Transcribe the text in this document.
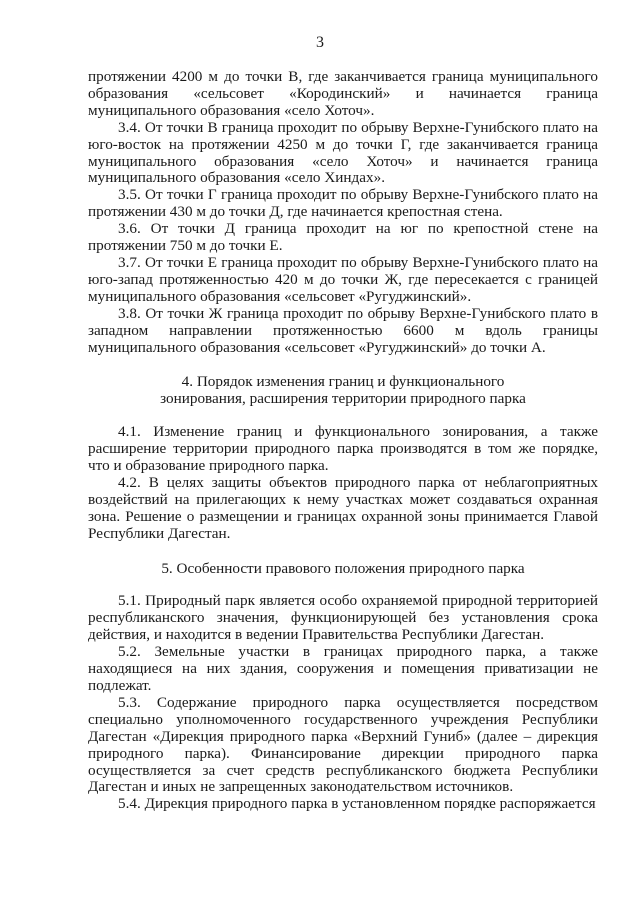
3

протяжении 4200 м до точки В, где заканчивается граница муниципального образования «сельсовет «Кородинский» и начинается граница муниципального образования «село Хоточ».

3.4. От точки В граница проходит по обрыву Верхне-Гунибского плато на юго-восток на протяжении 4250 м до точки Г, где заканчивается граница муниципального образования «село Хоточ» и начинается граница муниципального образования «село Хиндах».

3.5. От точки Г граница проходит по обрыву Верхне-Гунибского плато на протяжении 430 м до точки Д, где начинается крепостная стена.

3.6. От точки Д граница проходит на юг по крепостной стене на протяжении 750 м до точки Е.

3.7. От точки Е граница проходит по обрыву Верхне-Гунибского плато на юго-запад протяженностью 420 м до точки Ж, где пересекается с границей муниципального образования «сельсовет «Ругуджинский».

3.8. От точки Ж граница проходит по обрыву Верхне-Гунибского плато в западном направлении протяженностью 6600 м вдоль границы муниципального образования «сельсовет «Ругуджинский» до точки А.

4. Порядок изменения границ и функционального
зонирования, расширения территории природного парка

4.1. Изменение границ и функционального зонирования, а также расширение территории природного парка производятся в том же порядке, что и образование природного парка.

4.2. В целях защиты объектов природного парка от неблагоприятных воздействий на прилегающих к нему участках может создаваться охранная зона. Решение о размещении и границах охранной зоны принимается Главой Республики Дагестан.

5. Особенности правового положения природного парка

5.1. Природный парк является особо охраняемой природной территорией республиканского значения, функционирующей без установления срока действия, и находится в ведении Правительства Республики Дагестан.

5.2. Земельные участки в границах природного парка, а также находящиеся на них здания, сооружения и помещения приватизации не подлежат.

5.3. Содержание природного парка осуществляется посредством специально уполномоченного государственного учреждения Республики Дагестан «Дирекция природного парка «Верхний Гуниб» (далее – дирекция природного парка). Финансирование дирекции природного парка осуществляется за счет средств республиканского бюджета Республики Дагестан и иных не запрещенных законодательством источников.

5.4. Дирекция природного парка в установленном порядке распоряжается
